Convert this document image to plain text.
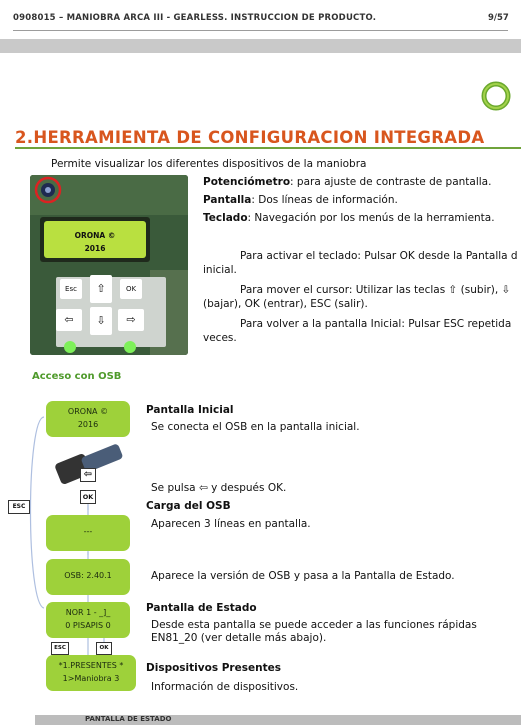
0908015 – MANIOBRA ARCA III - GEARLESS. INSTRUCCION DE PRODUCTO.	9/57
2.HERRAMIENTA DE CONFIGURACION INTEGRADA
Permite visualizar los diferentes dispositivos de la maniobra
ORONA ©
2016
Esc	⇧	OK
⇦	⇩	⇨
Potenciómetro: para ajuste de contraste de pantalla.
Pantalla: Dos líneas de información.
Teclado: Navegación por los menús de la herramienta.
Para activar el teclado: Pulsar OK desde la Pantalla d
inicial.
Para mover el cursor: Utilizar las teclas ⇧ (subir), ⇩
(bajar), OK (entrar), ESC (salir).
Para volver a la pantalla Inicial: Pulsar ESC repetida
veces.
Acceso con OSB
ORONA ©
2016
⇦
OK
ESC
---
OSB: 2.40.1
NOR 1 - _]_
0 PISAPIS 0
ESC	OK
*1.PRESENTES *
1>Maniobra 3
Pantalla Inicial
Se conecta el OSB en la pantalla inicial.
Se pulsa ⇦ y después OK.
Carga del OSB
Aparecen 3 líneas en pantalla.
Aparece la versión de OSB y pasa a la Pantalla de Estado.
Pantalla de Estado
Desde esta pantalla se puede acceder a las funciones rápidas
EN81_20 (ver detalle más abajo).
Dispositivos Presentes
Información de dispositivos.
PANTALLA DE ESTADO
